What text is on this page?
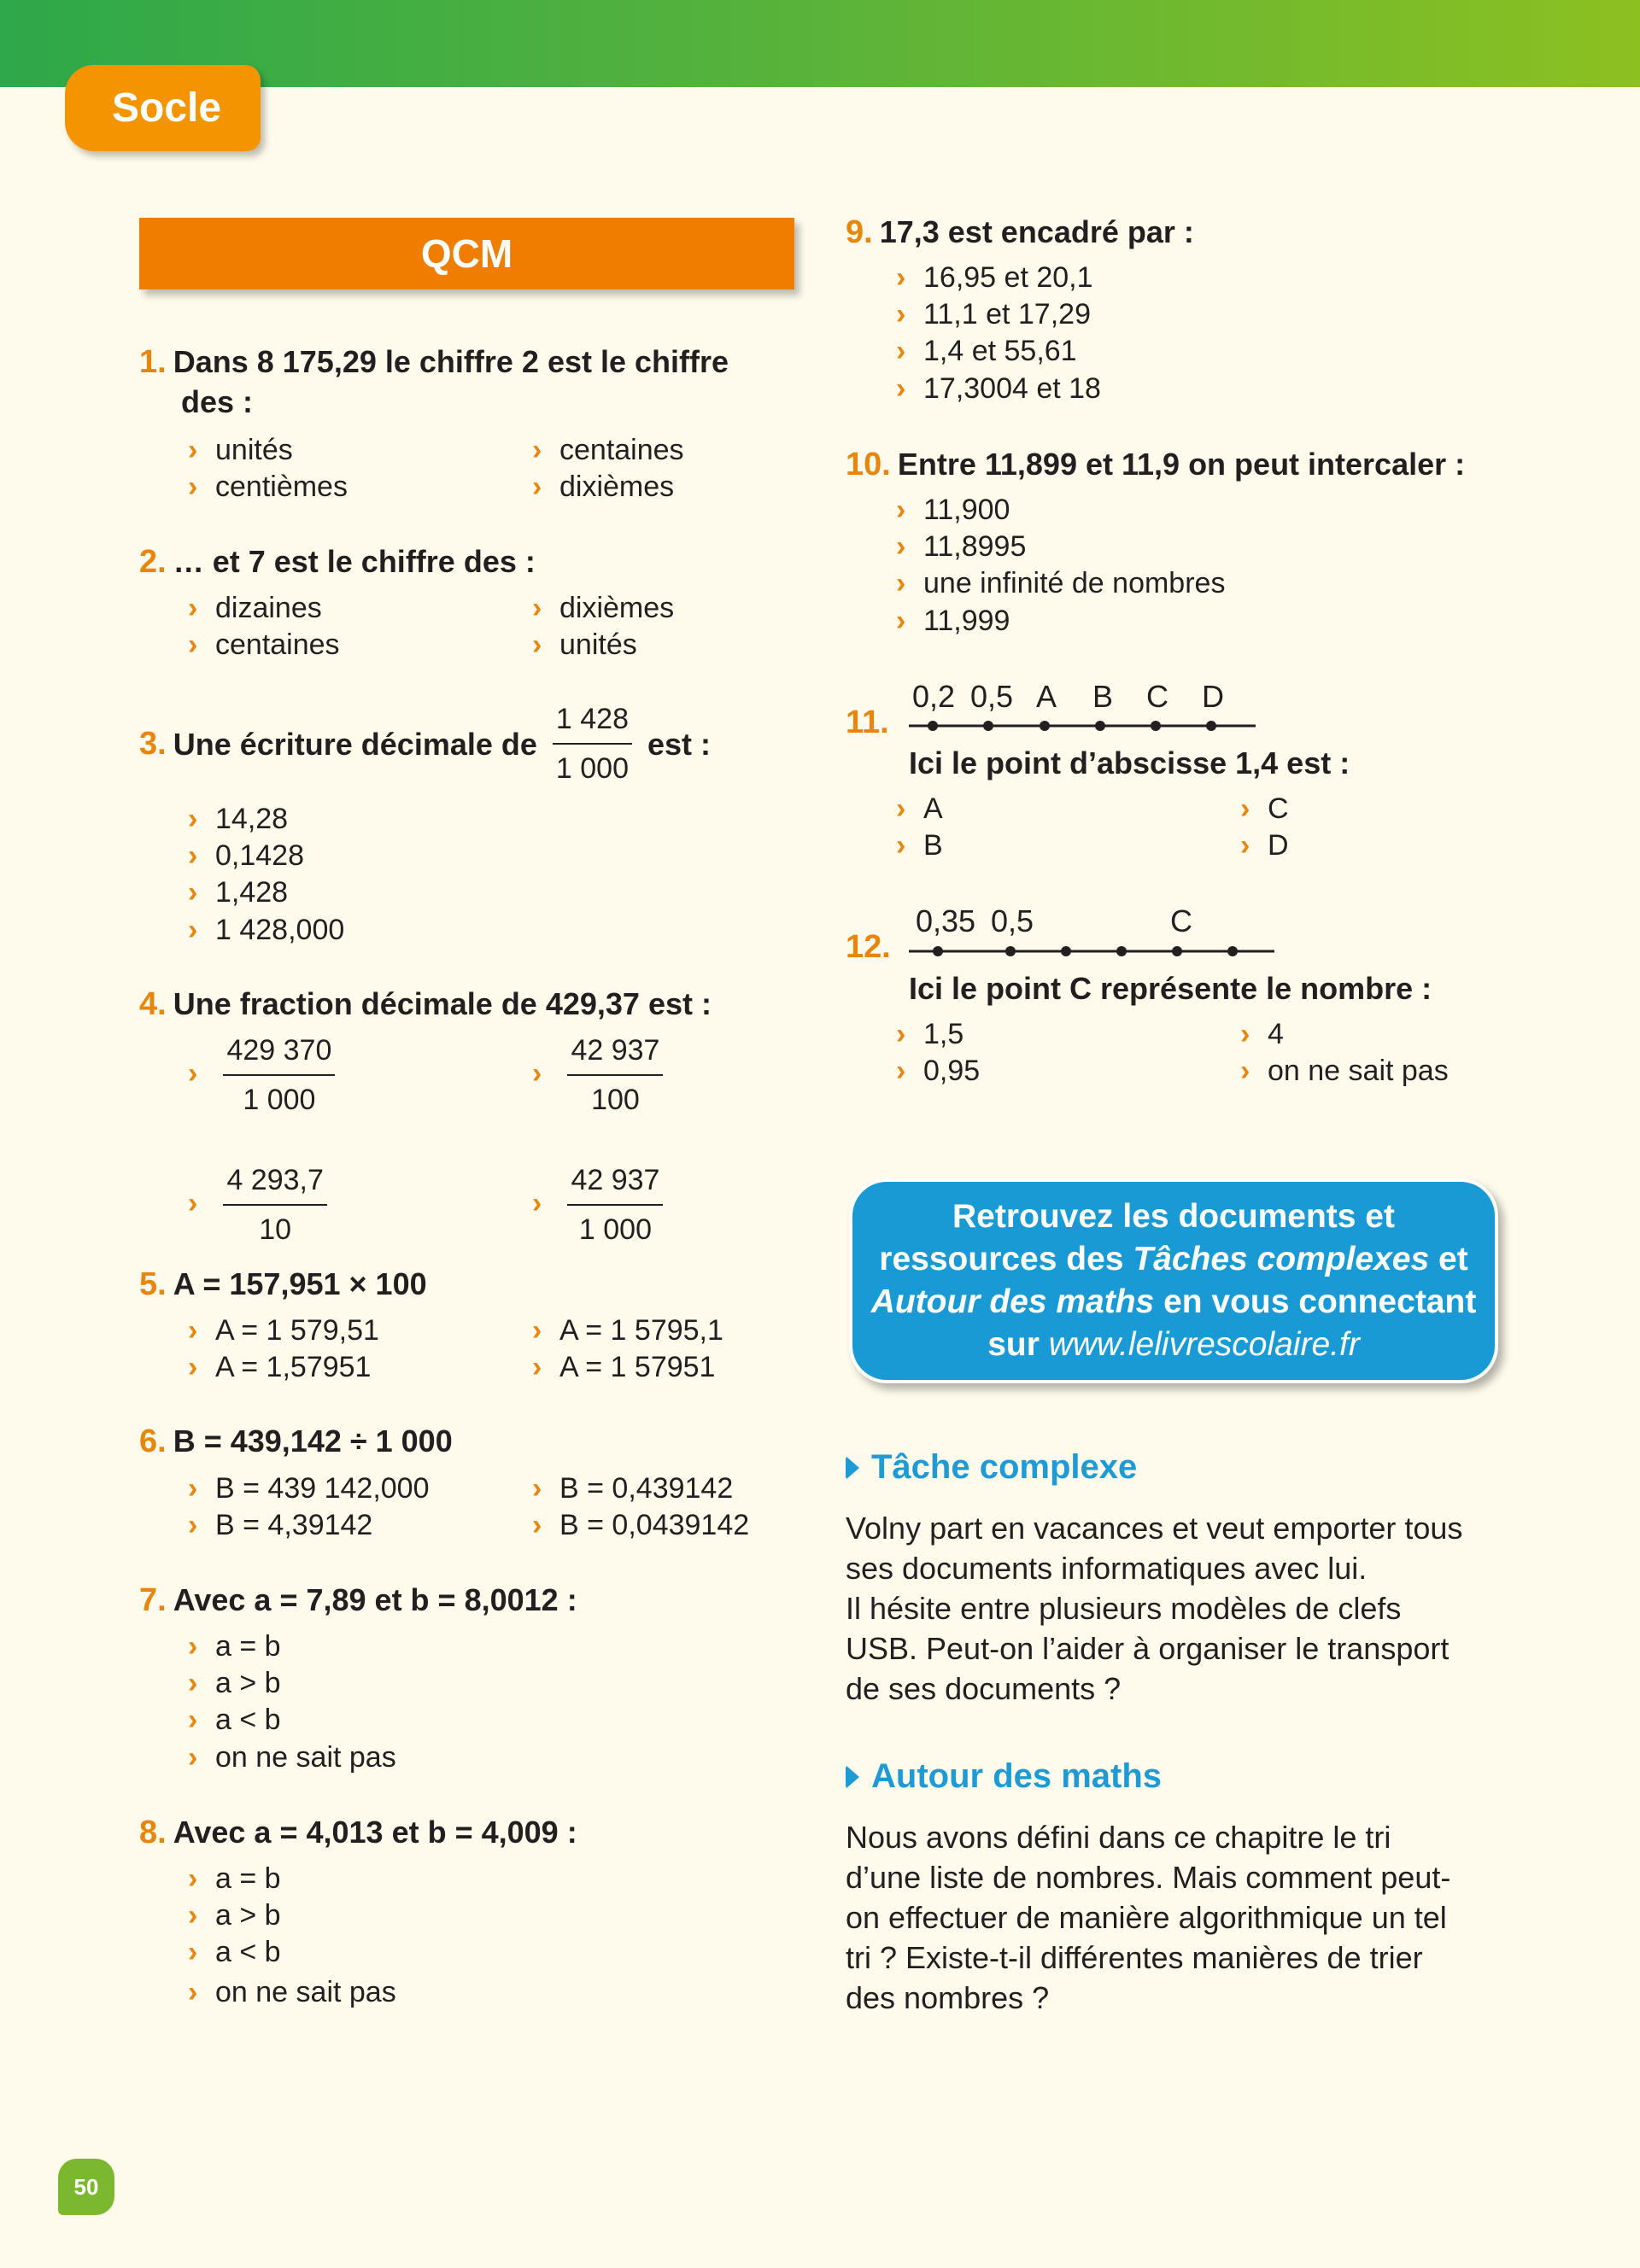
Socle
QCM
1. Dans 8 175,29 le chiffre 2 est le chiffre
des :
› unités	› centaines
› centièmes	› dixièmes
2. … et 7 est le chiffre des :
› dizaines	› dixièmes
› centaines	› unités
3. Une écriture décimale de $\frac{1 428}{1 000}$ est :
› 14,28
› 0,1428
› 1,428
› 1 428,000
4. Une fraction décimale de 429,37 est :
› $\frac{429 370}{1 000}$	› $\frac{42 937}{100}$
› $\frac{4 293,7}{10}$	› $\frac{42 937}{1 000}$
5. A = 157,951 × 100
› A = 1 579,51	› A = 1 5795,1
› A = 1,57951	› A = 1 57951
6. B = 439,142 ÷ 1 000
› B = 439 142,000	› B = 0,439142
› B = 4,39142	› B = 0,0439142
7. Avec a = 7,89 et b = 8,0012 :
› a = b
› a > b
› a < b
› on ne sait pas
8. Avec a = 4,013 et b = 4,009 :
› a = b
› a > b
› a < b
› on ne sait pas
9. 17,3 est encadré par :
› 16,95 et 20,1
› 11,1 et 17,29
› 1,4 et 55,61
› 17,3004 et 18
10. Entre 11,899 et 11,9 on peut intercaler :
› 11,900
› 11,8995
› une infinité de nombres
› 11,999
11.
0,2 0,5 A B C D
Ici le point d’abscisse 1,4 est :
› A	› C
› B	› D
12.
0,35 0,5	C
Ici le point C représente le nombre :
› 1,5	› 4
› 0,95	› on ne sait pas
Retrouvez les documents et
ressources des Tâches complexes et
Autour des maths en vous connectant
sur www.lelivrescolaire.fr
Tâche complexe
Volny part en vacances et veut emporter tous
ses documents informatiques avec lui.
Il hésite entre plusieurs modèles de clefs
USB. Peut-on l’aider à organiser le transport
de ses documents ?
Autour des maths
Nous avons défini dans ce chapitre le tri
d’une liste de nombres. Mais comment peut-
on effectuer de manière algorithmique un tel
tri ? Existe-t-il différentes manières de trier
des nombres ?
50
